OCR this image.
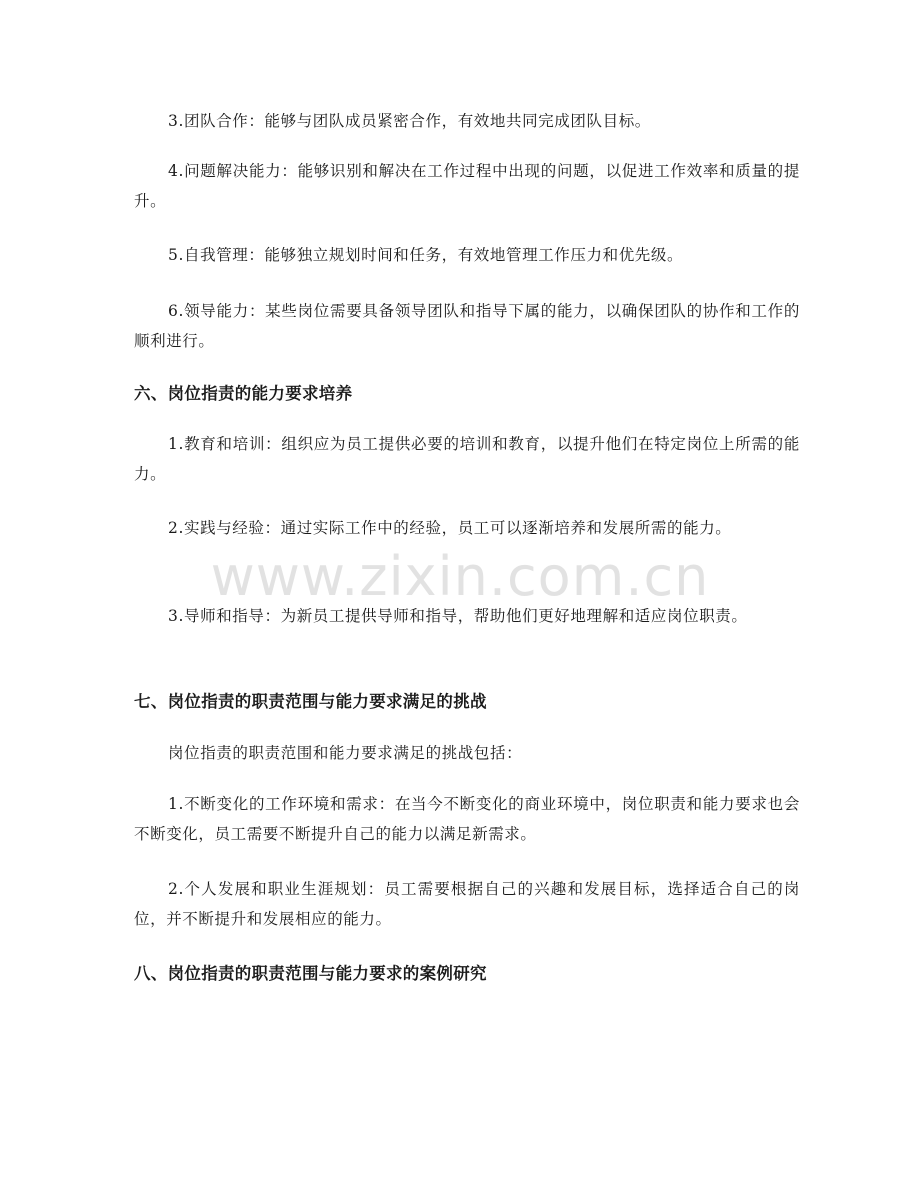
3.团队合作：能够与团队成员紧密合作，有效地共同完成团队目标。

4.问题解决能力：能够识别和解决在工作过程中出现的问题，以促进工作效率和质量的提升。

5.自我管理：能够独立规划时间和任务，有效地管理工作压力和优先级。

6.领导能力：某些岗位需要具备领导团队和指导下属的能力，以确保团队的协作和工作的顺利进行。

六、岗位指责的能力要求培养

1.教育和培训：组织应为员工提供必要的培训和教育，以提升他们在特定岗位上所需的能力。

2.实践与经验：通过实际工作中的经验，员工可以逐渐培养和发展所需的能力。

3.导师和指导：为新员工提供导师和指导，帮助他们更好地理解和适应岗位职责。

七、岗位指责的职责范围与能力要求满足的挑战

岗位指责的职责范围和能力要求满足的挑战包括：

1.不断变化的工作环境和需求：在当今不断变化的商业环境中，岗位职责和能力要求也会不断变化，员工需要不断提升自己的能力以满足新需求。

2.个人发展和职业生涯规划：员工需要根据自己的兴趣和发展目标，选择适合自己的岗位，并不断提升和发展相应的能力。

八、岗位指责的职责范围与能力要求的案例研究
www.zixin.com.cn
